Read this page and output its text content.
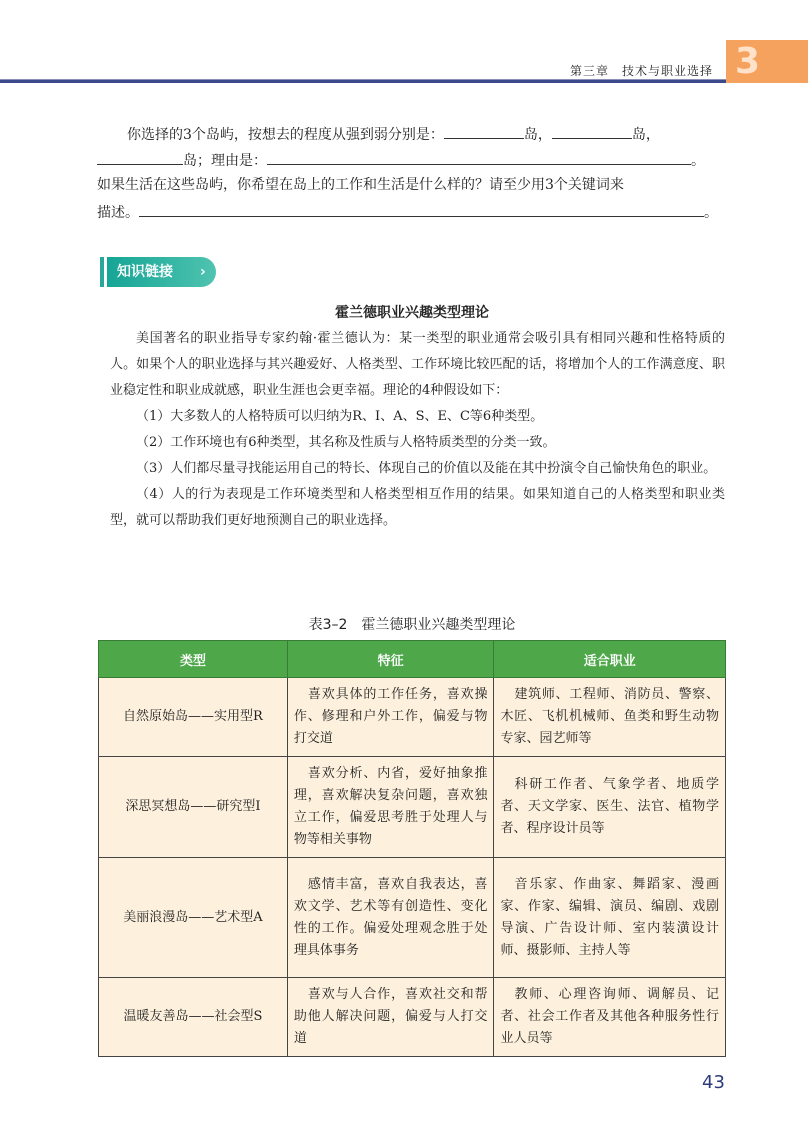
第三章　技术与职业选择 3
你选择的3个岛屿，按想去的程度从强到弱分别是：	岛，	岛，
岛；理由是：	。
如果生活在这些岛屿，你希望在岛上的工作和生活是什么样的？请至少用3个关键词来
描述。	。
知识链接 ›
霍兰德职业兴趣类型理论

美国著名的职业指导专家约翰·霍兰德认为：某一类型的职业通常会吸引具有相同兴趣和性格特质的人。如果个人的职业选择与其兴趣爱好、人格类型、工作环境比较匹配的话，将增加个人的工作满意度、职业稳定性和职业成就感，职业生涯也会更幸福。理论的4种假设如下：

（1）大多数人的人格特质可以归纳为R、I、A、S、E、C等6种类型。

（2）工作环境也有6种类型，其名称及性质与人格特质类型的分类一致。

（3）人们都尽量寻找能运用自己的特长、体现自己的价值以及能在其中扮演令自己愉快角色的职业。

（4）人的行为表现是工作环境类型和人格类型相互作用的结果。如果知道自己的人格类型和职业类型，就可以帮助我们更好地预测自己的职业选择。

表3–2　霍兰德职业兴趣类型理论
类型	特征	适合职业
自然原始岛——实用型R	喜欢具体的工作任务，喜欢操作、修理和户外工作，偏爱与物打交道	建筑师、工程师、消防员、警察、木匠、飞机机械师、鱼类和野生动物专家、园艺师等

深思冥想岛——研究型I	喜欢分析、内省，爱好抽象推理，喜欢解决复杂问题，喜欢独立工作，偏爱思考胜于处理人与物等相关事物	科研工作者、气象学者、地质学者、天文学家、医生、法官、植物学者、程序设计员等

美丽浪漫岛——艺术型A	感情丰富，喜欢自我表达，喜欢文学、艺术等有创造性、变化性的工作。偏爱处理观念胜于处理具体事务	音乐家、作曲家、舞蹈家、漫画家、作家、编辑、演员、编剧、戏剧导演、广告设计师、室内装潢设计师、摄影师、主持人等

温暖友善岛——社会型S	喜欢与人合作，喜欢社交和帮助他人解决问题，偏爱与人打交道	教师、心理咨询师、调解员、记者、社会工作者及其他各种服务性行业人员等
43
